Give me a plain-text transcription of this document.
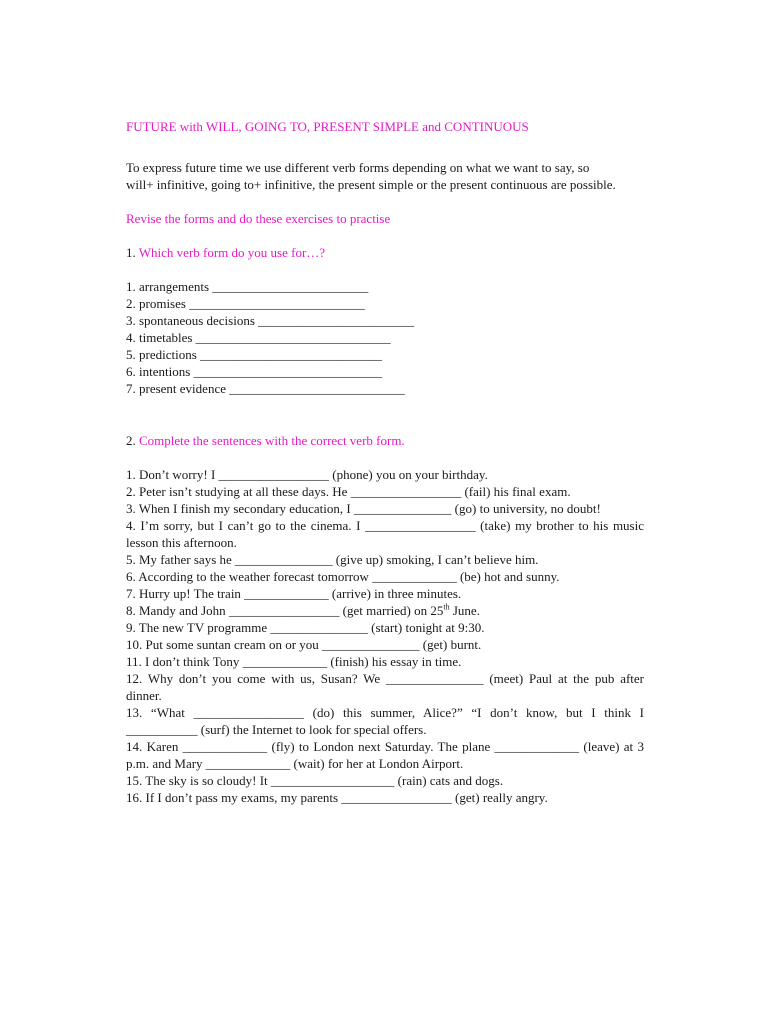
FUTURE with WILL, GOING TO, PRESENT SIMPLE and CONTINUOUS
To express future time we use different verb forms depending on what we want to say, so
will+ infinitive, going to+ infinitive, the present simple or the present continuous are possible.
Revise the forms and do these exercises to practise
1. Which verb form do you use for…?
1. arrangements ________________________
2. promises ___________________________
3. spontaneous decisions ________________________
4. timetables ______________________________
5. predictions ____________________________
6. intentions _____________________________
7. present evidence ___________________________
2. Complete the sentences with the correct verb form.
1. Don’t worry! I _________________ (phone) you on your birthday.
2. Peter isn’t studying at all these days. He _________________ (fail) his final exam.
3. When I finish my secondary education, I _______________ (go) to university, no doubt!
4. I’m sorry, but I can’t go to the cinema. I _________________ (take) my brother to his music lesson this afternoon.
5. My father says he _______________ (give up) smoking, I can’t believe him.
6. According to the weather forecast tomorrow _____________ (be) hot and sunny.
7. Hurry up! The train _____________ (arrive) in three minutes.
8. Mandy and John _________________ (get married) on 25th June.
9. The new TV programme _______________ (start) tonight at 9:30.
10. Put some suntan cream on or you _______________ (get) burnt.
11. I don’t think Tony _____________ (finish) his essay in time.
12. Why don’t you come with us, Susan? We _______________ (meet) Paul at the pub after dinner.
13. “What _________________ (do) this summer, Alice?” “I don’t know, but I think I ___________ (surf) the Internet to look for special offers.
14. Karen _____________ (fly) to London next Saturday. The plane _____________ (leave) at 3 p.m. and Mary _____________ (wait) for her at London Airport.
15. The sky is so cloudy! It ___________________ (rain) cats and dogs.
16. If I don’t pass my exams, my parents _________________ (get) really angry.
